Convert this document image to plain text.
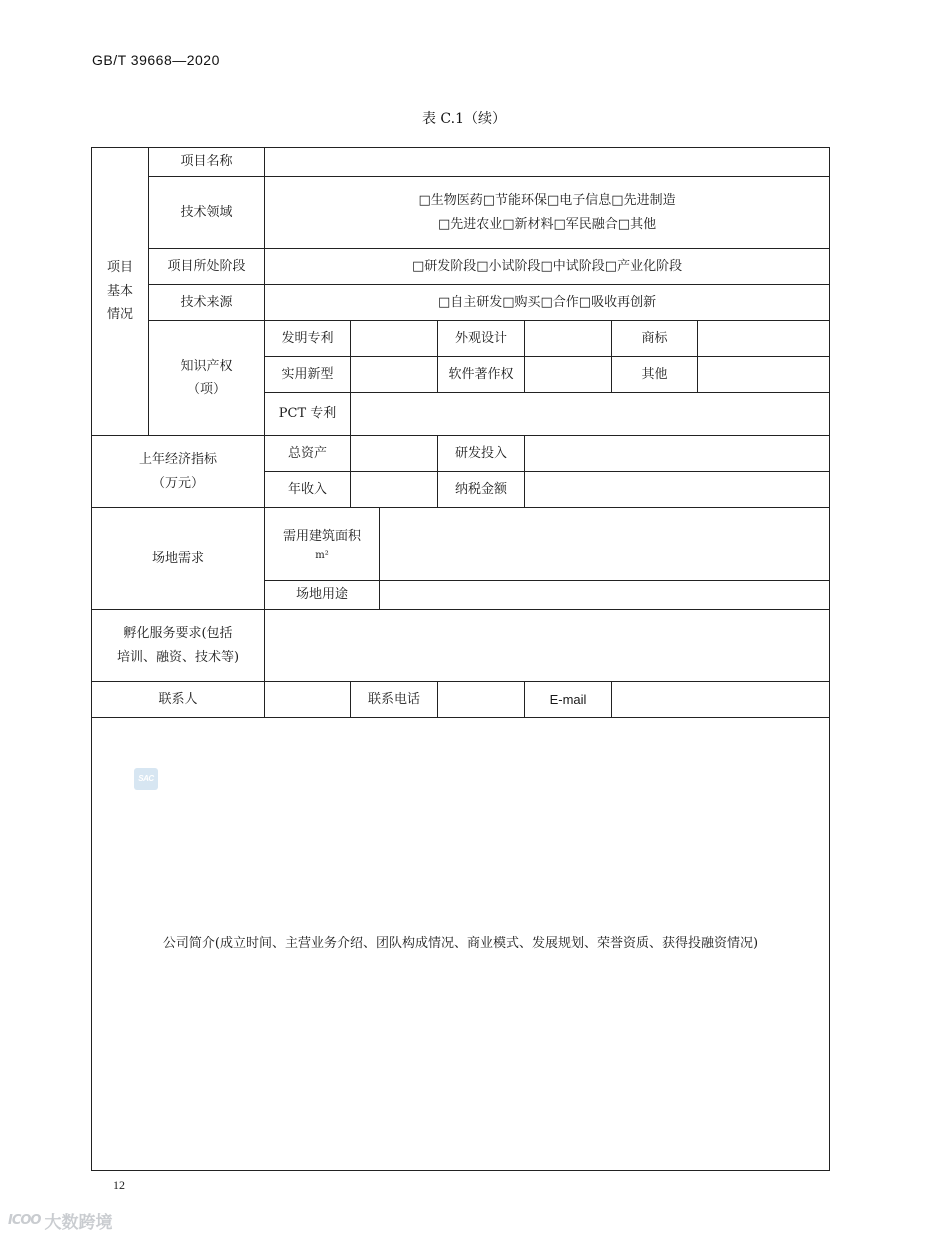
GB/T 39668—2020
表 C.1（续）
项目
基本
情况	项目名称							
	技术领域	□生物医药□节能环保□电子信息□先进制造
□先进农业□新材料□军民融合□其他						
	项目所处阶段	□研发阶段□小试阶段□中试阶段□产业化阶段						
	技术来源	□自主研发□购买□合作□吸收再创新						
	知识产权
（项）	发明专利			外观设计		商标	
		实用新型			软件著作权		其他	
		PCT 专利						
上年经济指标
（万元）		总资产			研发投入			
		年收入			纳税金额			
场地需求		需用建筑面积
m²						

		场地用途						
孵化服务要求(包括
培训、融资、技术等)								
联系人			联系电话			E-mail		
公司简介(成立时间、主营业务介绍、团队构成情况、商业模式、发展规划、荣誉资质、获得投融资情况)								
SAC
12
ICOO 大数跨境
